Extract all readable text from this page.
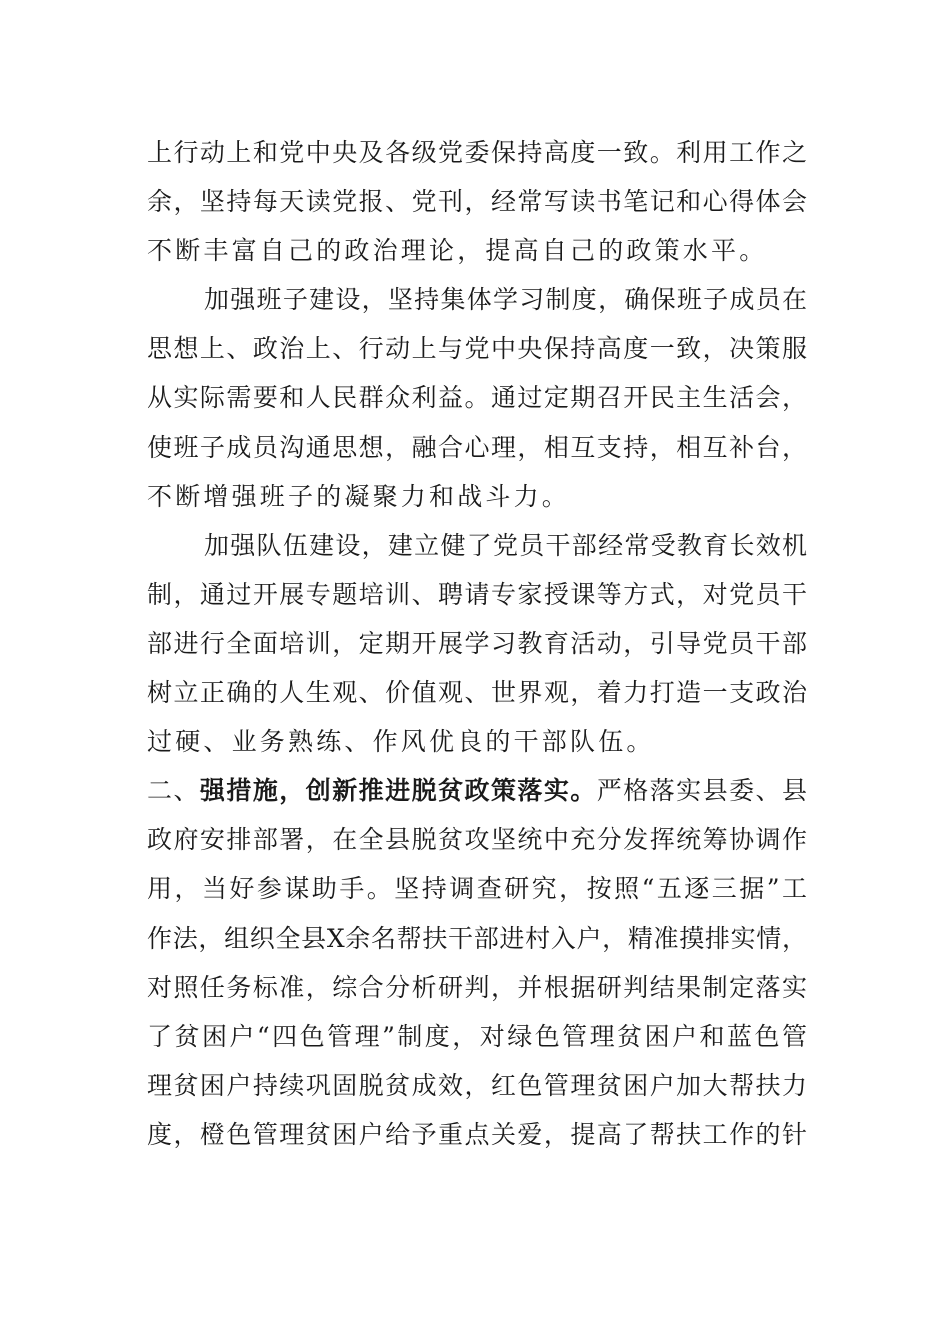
上行动上和党中央及各级党委保持高度一致。利用工作之
余，坚持每天读党报、党刊，经常写读书笔记和心得体会
不断丰富自己的政治理论，提高自己的政策水平。
加强班子建设，坚持集体学习制度，确保班子成员在
思想上、政治上、行动上与党中央保持高度一致，决策服
从实际需要和人民群众利益。通过定期召开民主生活会，
使班子成员沟通思想，融合心理，相互支持，相互补台，
不断增强班子的凝聚力和战斗力。
加强队伍建设，建立健了党员干部经常受教育长效机
制，通过开展专题培训、聘请专家授课等方式，对党员干
部进行全面培训，定期开展学习教育活动，引导党员干部
树立正确的人生观、价值观、世界观，着力打造一支政治
过硬、业务熟练、作风优良的干部队伍。
二、强措施，创新推进脱贫政策落实。严格落实县委、县
政府安排部署，在全县脱贫攻坚统中充分发挥统筹协调作
用，当好参谋助手。坚持调查研究，按照“五逐三据”工
作法，组织全县X余名帮扶干部进村入户，精准摸排实情，
对照任务标准，综合分析研判，并根据研判结果制定落实
了贫困户“四色管理”制度，对绿色管理贫困户和蓝色管
理贫困户持续巩固脱贫成效，红色管理贫困户加大帮扶力
度，橙色管理贫困户给予重点关爱，提高了帮扶工作的针
